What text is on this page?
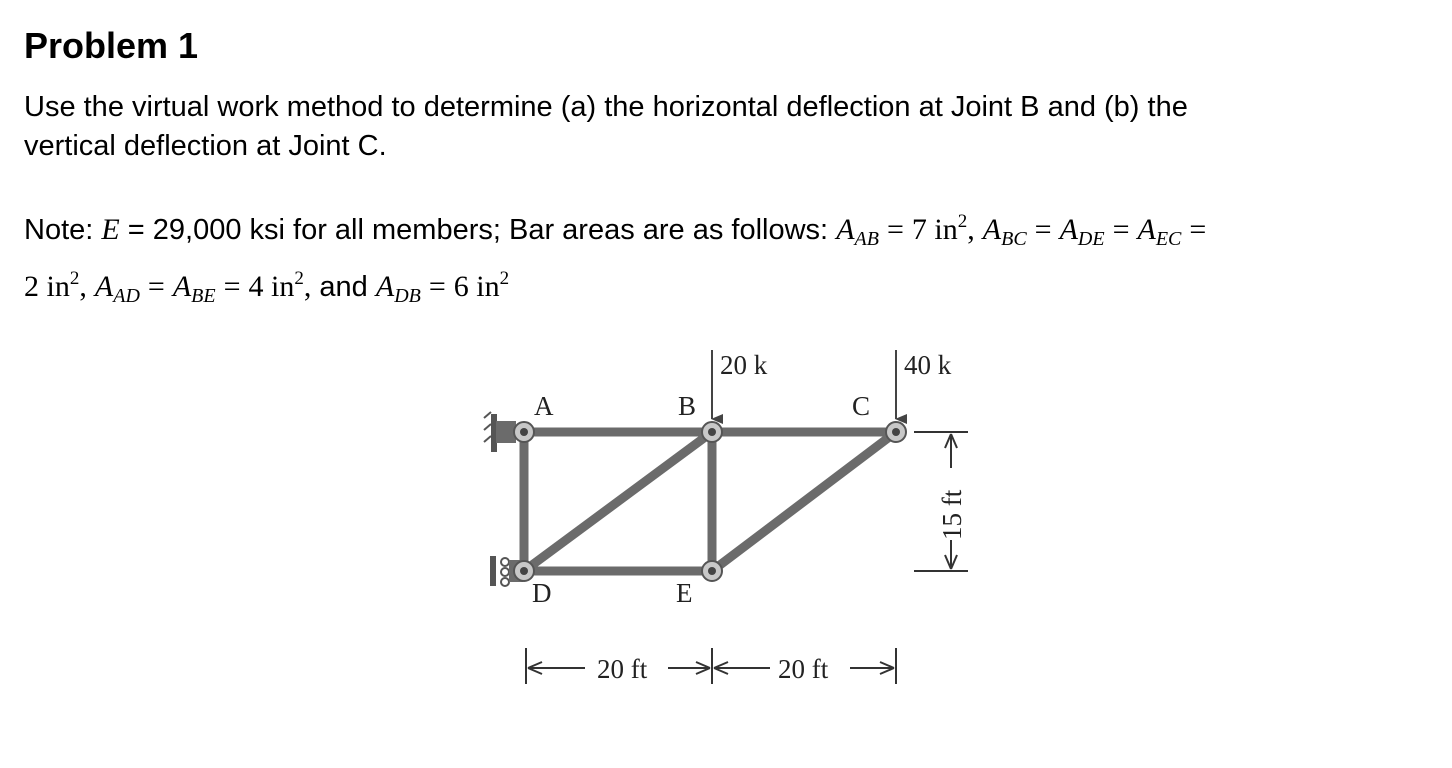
Problem 1

Use the virtual work method to determine (a) the horizontal deflection at Joint B and (b) the
vertical deflection at Joint C.

Note: E = 29,000 ksi for all members; Bar areas are as follows: $A_{AB} = 7$ $in^2$, $A_{BC} = A_{DE} = A_{EC}$ =
2 $in^2$, $A_{AD} = A_{BE} = 4$ $in^2$, and $A_{DB} = 6$ $in^2$

A	B	C
D	E
20 k	40 k
20 ft	20 ft
15 ft
